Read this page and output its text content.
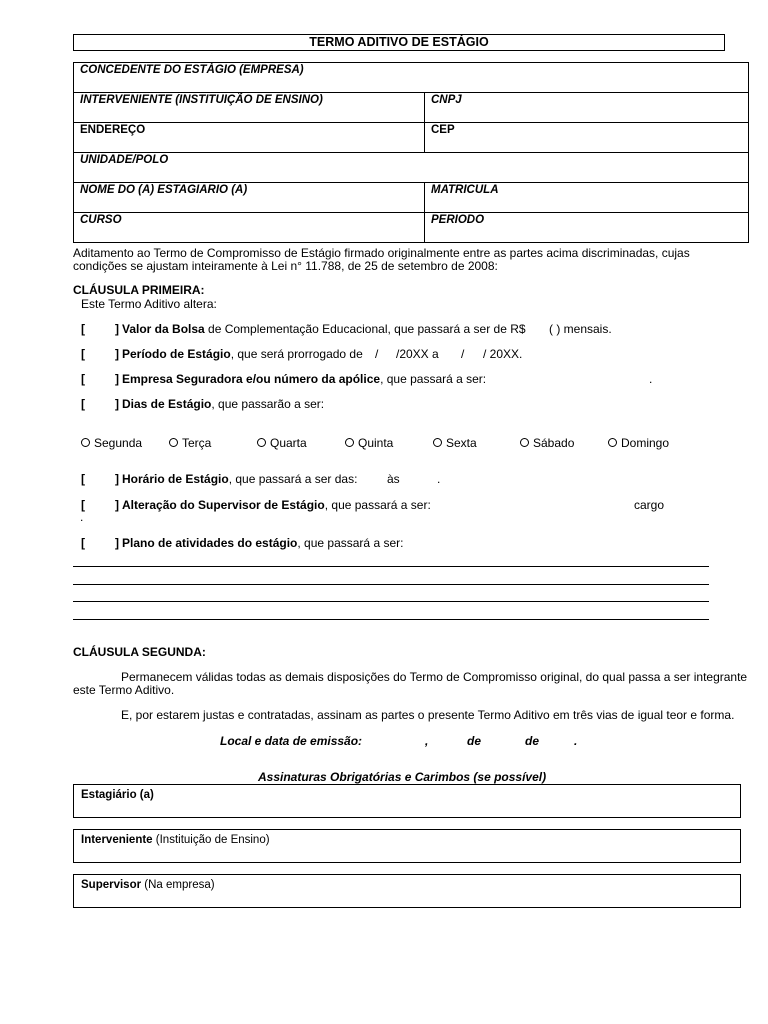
TERMO ADITIVO DE ESTÁGIO
CONCEDENTE DO ESTÁGIO (EMPRESA)	
INTERVENIENTE (INSTITUIÇÃO DE ENSINO)	CNPJ
ENDEREÇO	CEP
UNIDADE/POLO	
NOME DO (A) ESTAGIARIO (A)	MATRICULA
CURSO	PERIODO
Aditamento ao Termo de Compromisso de Estágio firmado originalmente entre as partes acima discriminadas, cujas
condições se ajustam inteiramente à Lei n° 11.788, de 25 de setembro de 2008:
CLÁUSULA PRIMEIRA:
Este Termo Aditivo altera:
[	] Valor da Bolsa de Complementação Educacional, que passará a ser de R$ ( ) mensais.
[	] Período de Estágio, que será prorrogado de / /20XX a / / 20XX.
[	] Empresa Seguradora e/ou número da apólice, que passará a ser:	.
[	] Dias de Estágio, que passarão a ser:
Segunda	Terça	Quarta	Quinta	Sexta	Sábado	Domingo
[	] Horário de Estágio, que passará a ser das: às	.
[	] Alteração do Supervisor de Estágio, que passará a ser:	cargo
.
[	] Plano de atividades do estágio, que passará a ser:
CLÁUSULA SEGUNDA:
Permanecem válidas todas as demais disposições do Termo de Compromisso original, do qual passa a ser integrante
este Termo Aditivo.
E, por estarem justas e contratadas, assinam as partes o presente Termo Aditivo em três vias de igual teor e forma.
Local e data de emissão:	,	de	de	.
Assinaturas Obrigatórias e Carimbos (se possível)
Estagiário (a)
Interveniente (Instituição de Ensino)
Supervisor (Na empresa)
